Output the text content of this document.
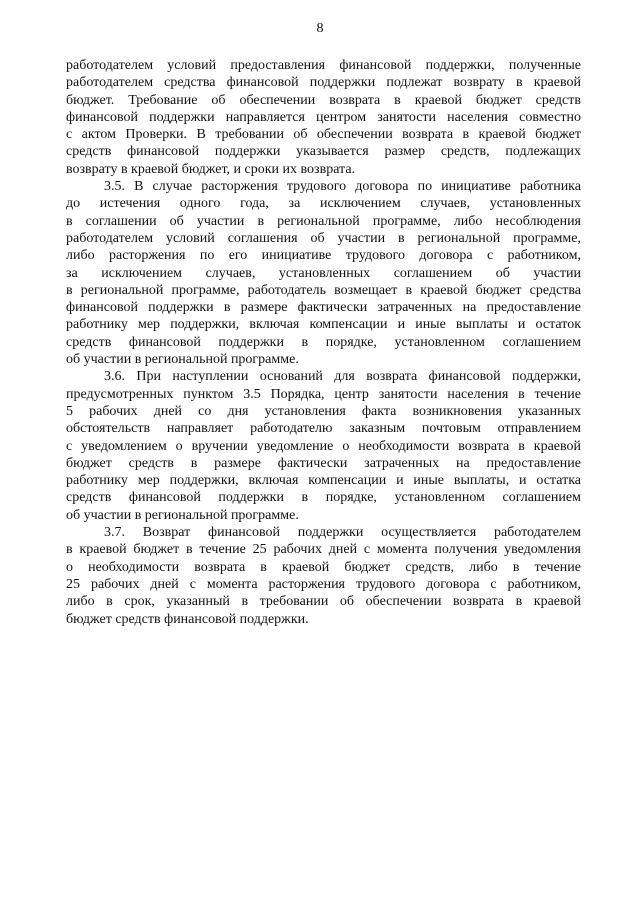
8
работодателем условий предоставления финансовой поддержки, полученные
работодателем средства финансовой поддержки подлежат возврату в краевой
бюджет. Требование об обеспечении возврата в краевой бюджет средств
финансовой поддержки направляется центром занятости населения совместно
с актом Проверки. В требовании об обеспечении возврата в краевой бюджет
средств финансовой поддержки указывается размер средств, подлежащих
возврату в краевой бюджет, и сроки их возврата.
3.5. В случае расторжения трудового договора по инициативе работника
до истечения одного года, за исключением случаев, установленных
в соглашении об участии в региональной программе, либо несоблюдения
работодателем условий соглашения об участии в региональной программе,
либо расторжения по его инициативе трудового договора с работником,
за исключением случаев, установленных соглашением об участии
в региональной программе, работодатель возмещает в краевой бюджет средства
финансовой поддержки в размере фактически затраченных на предоставление
работнику мер поддержки, включая компенсации и иные выплаты и остаток
средств финансовой поддержки в порядке, установленном соглашением
об участии в региональной программе.
3.6. При наступлении оснований для возврата финансовой поддержки,
предусмотренных пунктом 3.5 Порядка, центр занятости населения в течение
5 рабочих дней со дня установления факта возникновения указанных
обстоятельств направляет работодателю заказным почтовым отправлением
с уведомлением о вручении уведомление о необходимости возврата в краевой
бюджет средств в размере фактически затраченных на предоставление
работнику мер поддержки, включая компенсации и иные выплаты, и остатка
средств финансовой поддержки в порядке, установленном соглашением
об участии в региональной программе.
3.7. Возврат финансовой поддержки осуществляется работодателем
в краевой бюджет в течение 25 рабочих дней с момента получения уведомления
о необходимости возврата в краевой бюджет средств, либо в течение
25 рабочих дней с момента расторжения трудового договора с работником,
либо в срок, указанный в требовании об обеспечении возврата в краевой
бюджет средств финансовой поддержки.
